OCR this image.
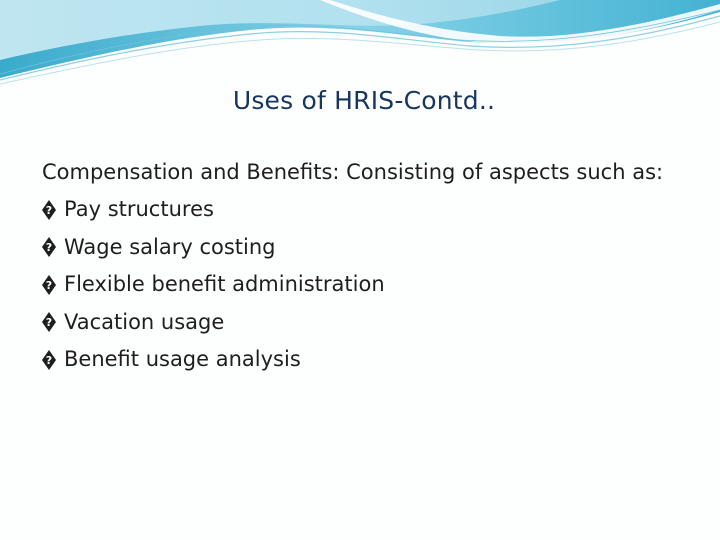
Uses of HRIS-Contd..
Compensation and Benefits: Consisting of aspects such as:
? Pay structures
? Wage salary costing
? Flexible benefit administration
? Vacation usage
? Benefit usage analysis
